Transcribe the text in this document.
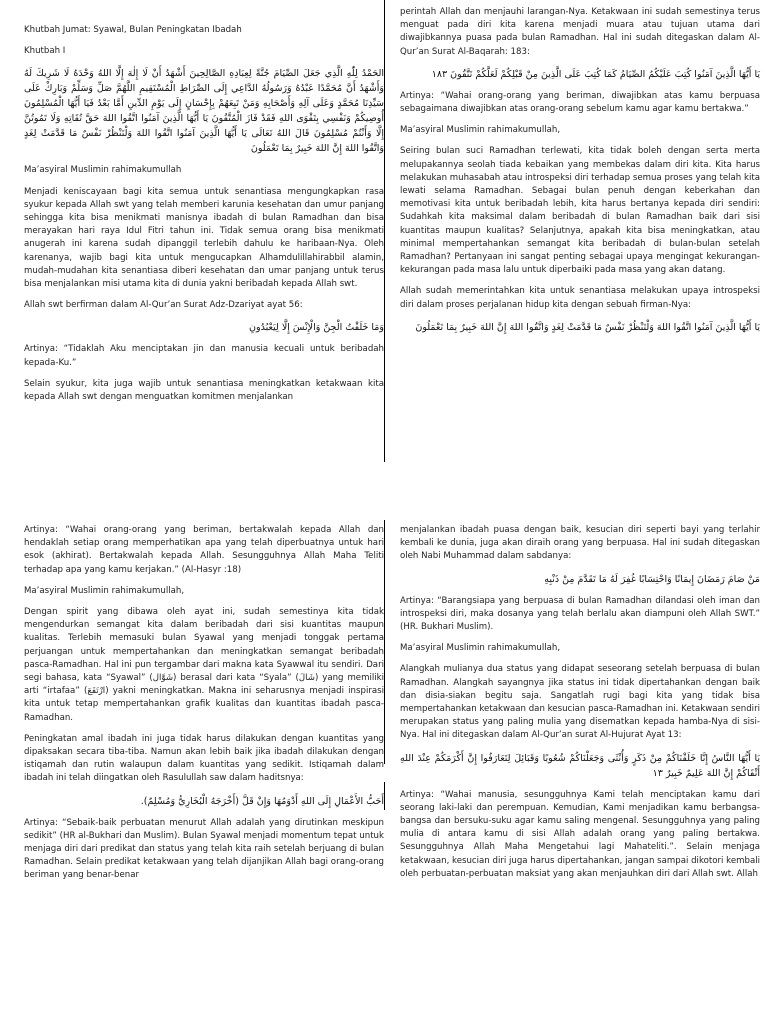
Khutbah Jumat: Syawal, Bulan Peningkatan Ibadah

Khutbah I

الحَمْدُ لِلّٰهِ الَّذِي جَعَلَ الصِّيَامَ جُنَّةً لِعِبَادِهِ الصَّالِحِينَ أَشْهَدُ أَنْ لَا إِلٰهَ إِلَّا اللهُ وَحْدَهُ لَا شَرِيكَ لَهُ وَأَشْهَدُ أَنَّ مُحَمَّدًا عَبْدُهُ وَرَسُولُهُ الدَّاعِي إِلَى الصِّرَاطِ الْمُسْتَقِيمِ اللَّهُمَّ صَلِّ وَسَلِّمْ وَبَارِكْ عَلَى سَيِّدِنَا مُحَمَّدٍ وَعَلَى آلِهِ وَأَصْحَابِهِ وَمَنْ تَبِعَهُمْ بِإِحْسَانٍ إِلَى يَوْمِ الدِّينِ أَمَّا بَعْدُ فَيَا أَيُّهَا الْمُسْلِمُونَ أُوصِيكُمْ وَنَفْسِي بِتَقْوَى اللهِ فَقَدْ فَازَ الْمُتَّقُونَ يَا أَيُّهَا الَّذِينَ آمَنُوا اتَّقُوا اللهَ حَقَّ تُقَاتِهِ وَلَا تَمُوتُنَّ إِلَّا وَأَنْتُمْ مُسْلِمُونَ قَالَ اللهُ تَعَالَى يَا أَيُّهَا الَّذِينَ آمَنُوا اتَّقُوا اللهَ وَلْتَنْظُرْ نَفْسٌ مَا قَدَّمَتْ لِغَدٍ وَاتَّقُوا اللهَ إِنَّ اللهَ خَبِيرٌ بِمَا تَعْمَلُونَ

Ma’asyiral Muslimin rahimakumullah

Menjadi keniscayaan bagi kita semua untuk senantiasa mengungkapkan rasa syukur kepada Allah swt yang telah memberi karunia kesehatan dan umur panjang sehingga kita bisa menikmati manisnya ibadah di bulan Ramadhan dan bisa merayakan hari raya Idul Fitri tahun ini. Tidak semua orang bisa menikmati anugerah ini karena sudah dipanggil terlebih dahulu ke haribaan-Nya. Oleh karenanya, wajib bagi kita untuk mengucapkan Alhamdulillahirabbil alamin, mudah-mudahan kita senantiasa diberi kesehatan dan umar panjang untuk terus bisa menjalankan misi utama kita di dunia yakni beribadah kepada Allah swt.

Allah swt berfirman dalam Al-Qur’an Surat Adz-Dzariyat ayat 56:

وَمَا خَلَقْتُ الْجِنَّ وَالْإِنْسَ إِلَّا لِيَعْبُدُونِ

Artinya: “Tidaklah Aku menciptakan jin dan manusia kecuali untuk beribadah kepada-Ku.”

Selain syukur, kita juga wajib untuk senantiasa meningkatkan ketakwaan kita kepada Allah swt dengan menguatkan komitmen menjalankan

perintah Allah dan menjauhi larangan-Nya. Ketakwaan ini sudah semestinya terus menguat pada diri kita karena menjadi muara atau tujuan utama dari diwajibkannya puasa pada bulan Ramadhan. Hal ini sudah ditegaskan dalam Al-Qur’an Surat Al-Baqarah: 183:

يَا أَيُّهَا الَّذِينَ آمَنُوا كُتِبَ عَلَيْكُمُ الصِّيَامُ كَمَا كُتِبَ عَلَى الَّذِينَ مِنْ قَبْلِكُمْ لَعَلَّكُمْ تَتَّقُونَ ١٨٣

Artinya: “Wahai orang-orang yang beriman, diwajibkan atas kamu berpuasa sebagaimana diwajibkan atas orang-orang sebelum kamu agar kamu bertakwa.”

Ma’asyiral Muslimin rahimakumullah,

Seiring bulan suci Ramadhan terlewati, kita tidak boleh dengan serta merta melupakannya seolah tiada kebaikan yang membekas dalam diri kita. Kita harus melakukan muhasabah atau introspeksi diri terhadap semua proses yang telah kita lewati selama Ramadhan. Sebagai bulan penuh dengan keberkahan dan memotivasi kita untuk beribadah lebih, kita harus bertanya kepada diri sendiri: Sudahkah kita maksimal dalam beribadah di bulan Ramadhan baik dari sisi kuantitas maupun kualitas? Selanjutnya, apakah kita bisa meningkatkan, atau minimal mempertahankan semangat kita beribadah di bulan-bulan setelah Ramadhan? Pertanyaan ini sangat penting sebagai upaya mengingat kekurangan-kekurangan pada masa lalu untuk diperbaiki pada masa yang akan datang.

Allah sudah memerintahkan kita untuk senantiasa melakukan upaya introspeksi diri dalam proses perjalanan hidup kita dengan sebuah firman-Nya:

يَا أَيُّهَا الَّذِينَ آمَنُوا اتَّقُوا اللهَ وَلْتَنْظُرْ نَفْسٌ مَا قَدَّمَتْ لِغَدٍ وَاتَّقُوا اللهَ إِنَّ اللهَ خَبِيرٌ بِمَا تَعْمَلُونَ

Artinya: “Wahai orang-orang yang beriman, bertakwalah kepada Allah dan hendaklah setiap orang memperhatikan apa yang telah diperbuatnya untuk hari esok (akhirat). Bertakwalah kepada Allah. Sesungguhnya Allah Maha Teliti terhadap apa yang kamu kerjakan.” (Al-Hasyr :18)

Ma’asyiral Muslimin rahimakumullah,

Dengan spirit yang dibawa oleh ayat ini, sudah semestinya kita tidak mengendurkan semangat kita dalam beribadah dari sisi kuantitas maupun kualitas. Terlebih memasuki bulan Syawal yang menjadi tonggak pertama perjuangan untuk mempertahankan dan meningkatkan semangat beribadah pasca-Ramadhan. Hal ini pun tergambar dari makna kata Syawwal itu sendiri. Dari segi bahasa, kata “Syawal” (شَوَّال) berasal dari kata “Syala” (شَالَ) yang memiliki arti “irtafaa” (ارْتَفَعَ) yakni meningkatkan. Makna ini seharusnya menjadi inspirasi kita untuk tetap mempertahankan grafik kualitas dan kuantitas ibadah pasca-Ramadhan.

Peningkatan amal ibadah ini juga tidak harus dilakukan dengan kuantitas yang dipaksakan secara tiba-tiba. Namun akan lebih baik jika ibadah dilakukan dengan istiqamah dan rutin walaupun dalam kuantitas yang sedikit. Istiqamah dalam ibadah ini telah diingatkan oleh Rasulullah saw dalam haditsnya:

أَحَبُّ الأَعْمَالِ إِلَى اللهِ أَدْوَمُهَا وَإِنْ قَلَّ (أَخْرَجَهُ الْبُخَارِيُّ وَمُسْلِمٌ).

Artinya: “Sebaik-baik perbuatan menurut Allah adalah yang dirutinkan meskipun sedikit” (HR al-Bukhari dan Muslim). Bulan Syawal menjadi momentum tepat untuk menjaga diri dari predikat dan status yang telah kita raih setelah berjuang di bulan Ramadhan. Selain predikat ketakwaan yang telah dijanjikan Allah bagi orang-orang beriman yang benar-benar

menjalankan ibadah puasa dengan baik, kesucian diri seperti bayi yang terlahir kembali ke dunia, juga akan diraih orang yang berpuasa. Hal ini sudah ditegaskan oleh Nabi Muhammad dalam sabdanya:

مَنْ صَامَ رَمَضَانَ إِيمَانًا وَاحْتِسَابًا غُفِرَ لَهُ مَا تَقَدَّمَ مِنْ ذَنْبِهِ

Artinya: “Barangsiapa yang berpuasa di bulan Ramadhan dilandasi oleh iman dan introspeksi diri, maka dosanya yang telah berlalu akan diampuni oleh Allah SWT.” (HR. Bukhari Muslim).

Ma’asyiral Muslimin rahimakumullah,

Alangkah mulianya dua status yang didapat seseorang setelah berpuasa di bulan Ramadhan. Alangkah sayangnya jika status ini tidak dipertahankan dengan baik dan disia-siakan begitu saja. Sangatlah rugi bagi kita yang tidak bisa mempertahankan ketakwaan dan kesucian pasca-Ramadhan ini. Ketakwaan sendiri merupakan status yang paling mulia yang disematkan kepada hamba-Nya di sisi-Nya. Hal ini ditegaskan dalam Al-Qur’an surat Al-Hujurat Ayat 13:

يَا أَيُّهَا النَّاسُ إِنَّا خَلَقْنَاكُمْ مِنْ ذَكَرٍ وَأُنْثَى وَجَعَلْنَاكُمْ شُعُوبًا وَقَبَائِلَ لِتَعَارَفُوا إِنَّ أَكْرَمَكُمْ عِنْدَ اللهِ أَتْقَاكُمْ إِنَّ اللهَ عَلِيمٌ خَبِيرٌ ١٣

Artinya: “Wahai manusia, sesungguhnya Kami telah menciptakan kamu dari seorang laki-laki dan perempuan. Kemudian, Kami menjadikan kamu berbangsa-bangsa dan bersuku-suku agar kamu saling mengenal. Sesungguhnya yang paling mulia di antara kamu di sisi Allah adalah orang yang paling bertakwa. Sesungguhnya Allah Maha Mengetahui lagi Mahateliti.”. Selain menjaga ketakwaan, kesucian diri juga harus dipertahankan, jangan sampai dikotori kembali oleh perbuatan-perbuatan maksiat yang akan menjauhkan diri dari Allah swt. Allah
